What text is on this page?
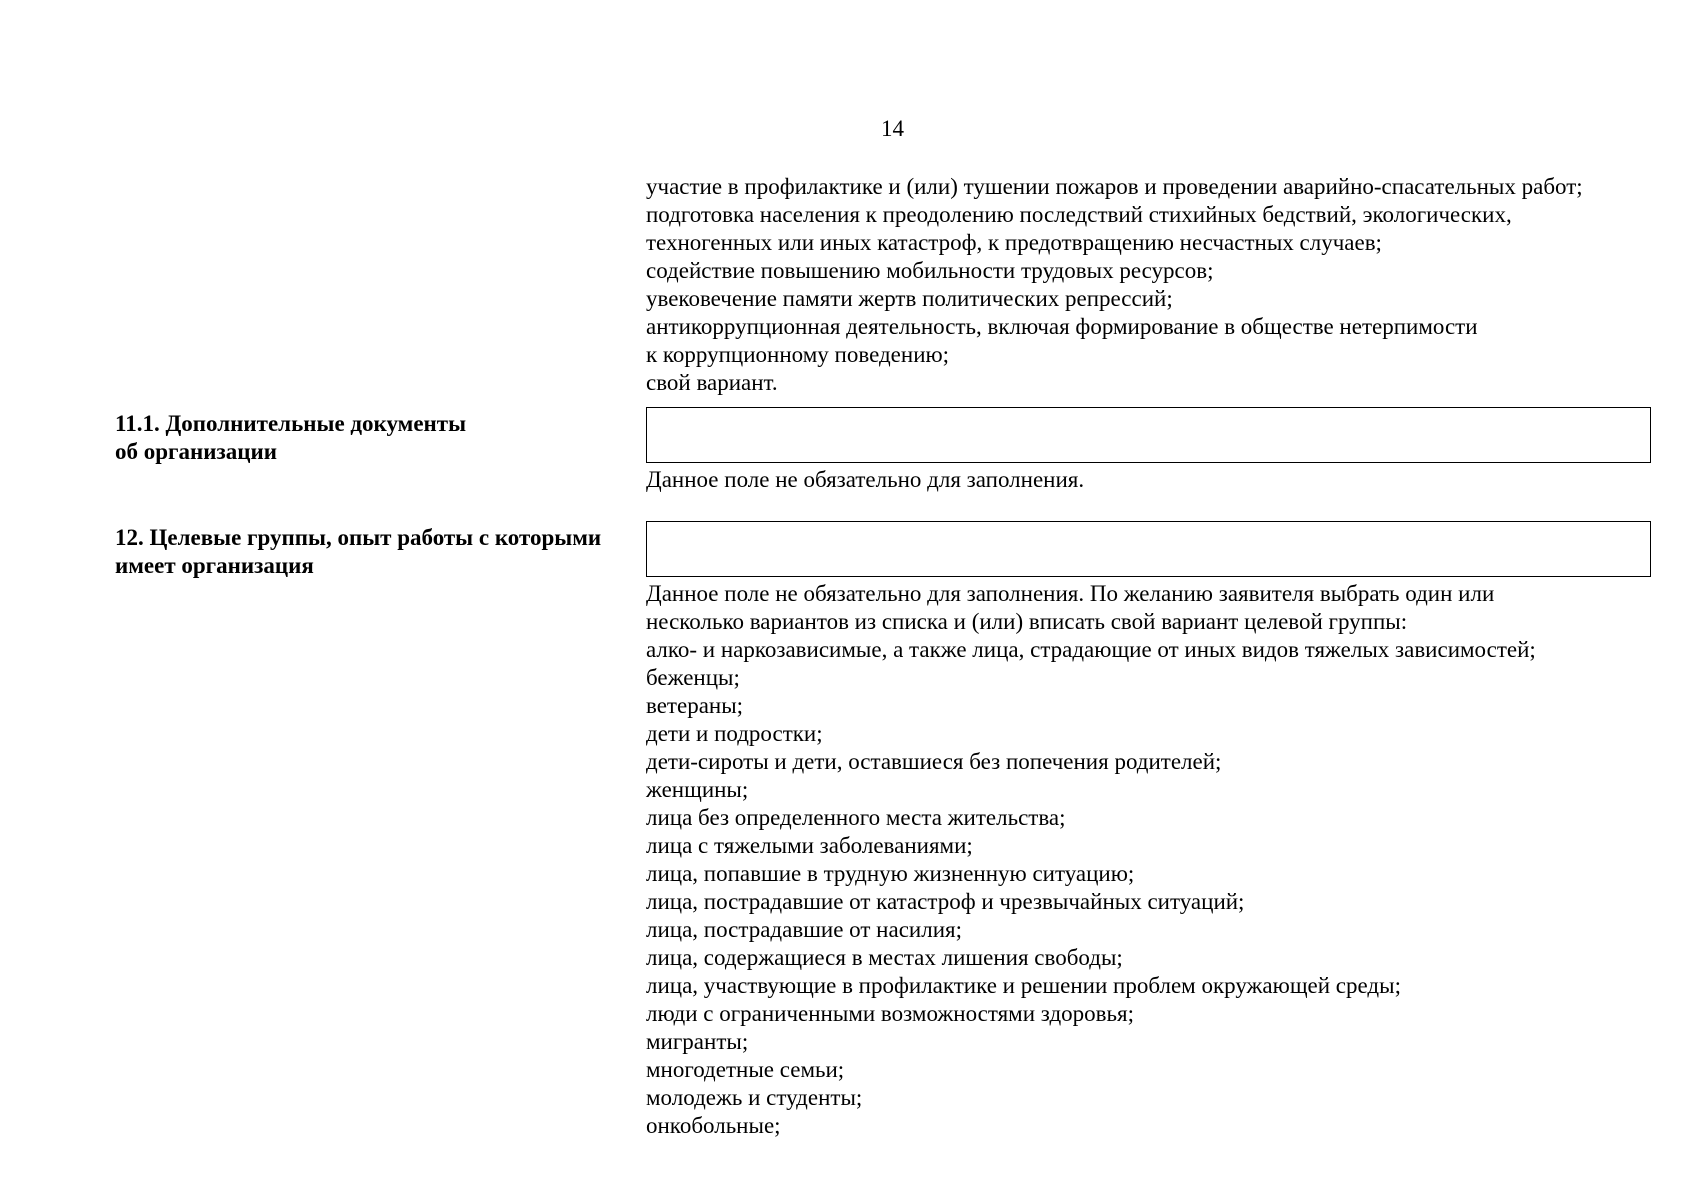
14
участие в профилактике и (или) тушении пожаров и проведении аварийно-спасательных работ;
подготовка населения к преодолению последствий стихийных бедствий, экологических,
техногенных или иных катастроф, к предотвращению несчастных случаев;
содействие повышению мобильности трудовых ресурсов;
увековечение памяти жертв политических репрессий;
антикоррупционная деятельность, включая формирование в обществе нетерпимости
к коррупционному поведению;
свой вариант.
11.1. Дополнительные документы
об организации
Данное поле не обязательно для заполнения.
12. Целевые группы, опыт работы с которыми
имеет организация
Данное поле не обязательно для заполнения. По желанию заявителя выбрать один или
несколько вариантов из списка и (или) вписать свой вариант целевой группы:
алко- и наркозависимые, а также лица, страдающие от иных видов тяжелых зависимостей;
беженцы;
ветераны;
дети и подростки;
дети-сироты и дети, оставшиеся без попечения родителей;
женщины;
лица без определенного места жительства;
лица с тяжелыми заболеваниями;
лица, попавшие в трудную жизненную ситуацию;
лица, пострадавшие от катастроф и чрезвычайных ситуаций;
лица, пострадавшие от насилия;
лица, содержащиеся в местах лишения свободы;
лица, участвующие в профилактике и решении проблем окружающей среды;
люди с ограниченными возможностями здоровья;
мигранты;
многодетные семьи;
молодежь и студенты;
онкобольные;
